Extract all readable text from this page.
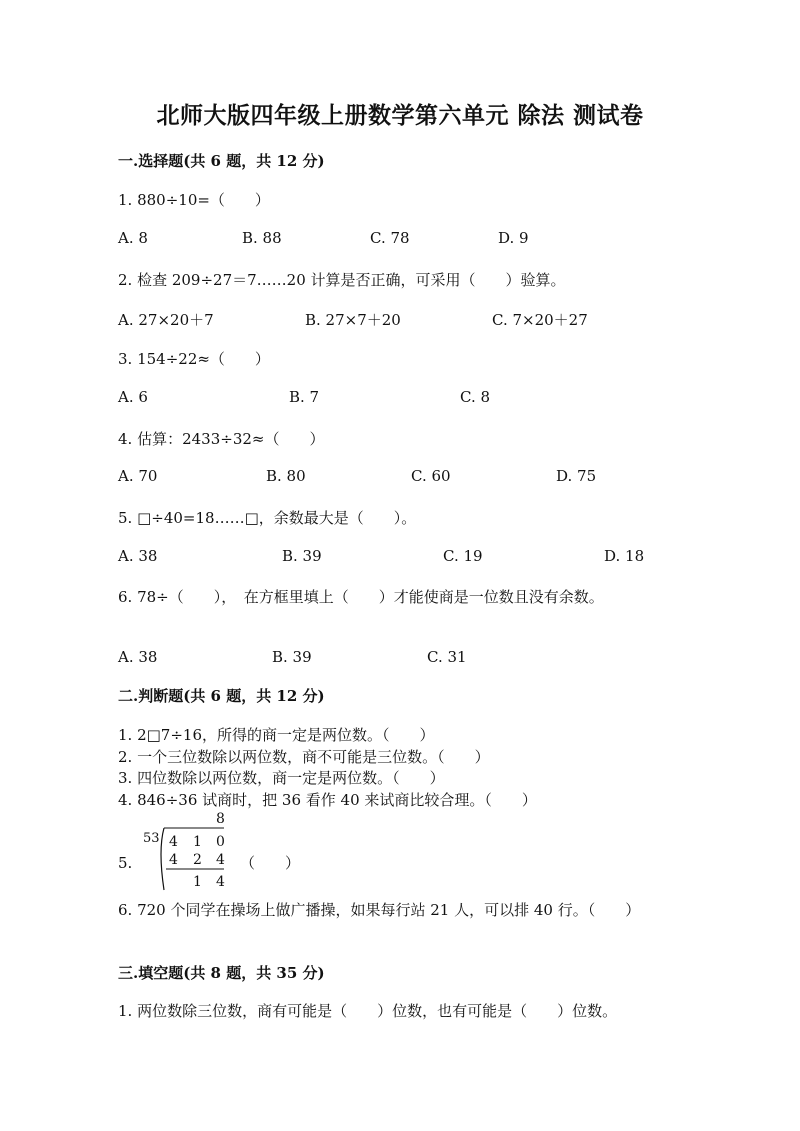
北师大版四年级上册数学第六单元 除法 测试卷
一.选择题(共 6 题，共 12 分)
1. 880÷10=（　　）
A. 8	B. 88	C. 78	D. 9
2. 检查 209÷27＝7……20 计算是否正确，可采用（　　）验算。
A. 27×20＋7	B. 27×7＋20	C. 7×20＋27
3. 154÷22≈（　　）
A. 6	B. 7	C. 8
4. 估算：2433÷32≈（　　）
A. 70	B. 80	C. 60	D. 75
5. □÷40=18……□，余数最大是（　　）。
A. 38	B. 39	C. 19	D. 18
6. 78÷（　　），　在方框里填上（　　）才能使商是一位数且没有余数。
A. 38	B. 39	C. 31
二.判断题(共 6 题，共 12 分)
1. 2□7÷16，所得的商一定是两位数。（　　）
2. 一个三位数除以两位数，商不可能是三位数。（　　）
3. 四位数除以两位数，商一定是两位数。（　　）
4. 846÷36 试商时，把 36 看作 40 来试商比较合理。（　　）
5.
53
8
4 1 0
4 2 4
1 4
（　　）
6. 720 个同学在操场上做广播操，如果每行站 21 人，可以排 40 行。（　　）
三.填空题(共 8 题，共 35 分)
1. 两位数除三位数，商有可能是（　　）位数，也有可能是（　　）位数。
